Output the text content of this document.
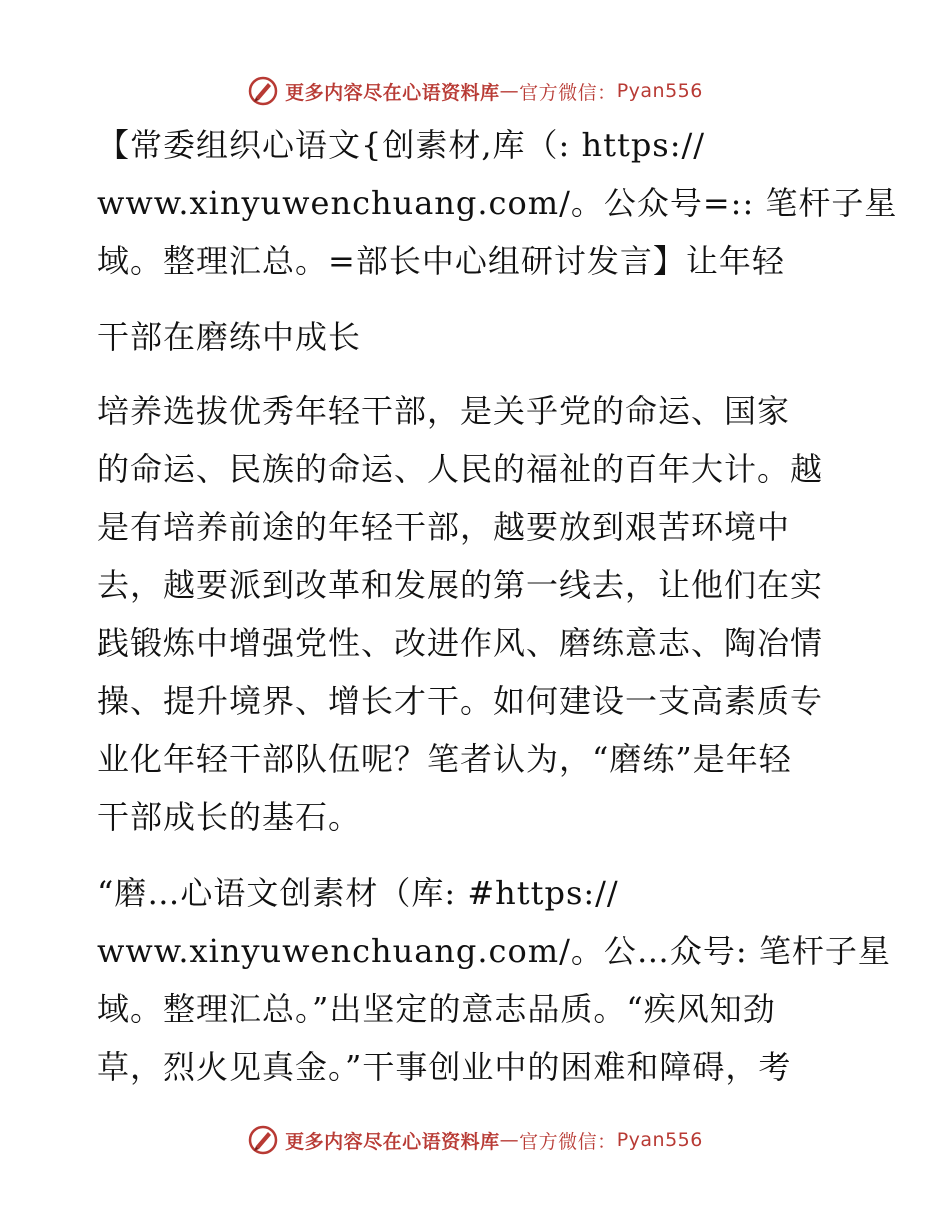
更多内容尽在心语资料库 — 官方微信： Pyan556
【常委组织心语文{创素材,库（: https://
www.xinyuwenchuang.com/。公众号=:: 笔杆子星
域。整理汇总。=部长中心组研讨发言】让年轻
干部在磨练中成长
培养选拔优秀年轻干部，是关乎党的命运、国家
的命运、民族的命运、人民的福祉的百年大计。越
是有培养前途的年轻干部，越要放到艰苦环境中
去，越要派到改革和发展的第一线去，让他们在实
践锻炼中增强党性、改进作风、磨练意志、陶冶情
操、提升境界、增长才干。如何建设一支高素质专
业化年轻干部队伍呢？笔者认为，“磨练”是年轻
干部成长的基石。
“磨…心语文创素材（库: #https://
www.xinyuwenchuang.com/。公…众号: 笔杆子星
域。整理汇总。”出坚定的意志品质。“疾风知劲
草，烈火见真金。”干事创业中的困难和障碍，考
更多内容尽在心语资料库 — 官方微信： Pyan556
